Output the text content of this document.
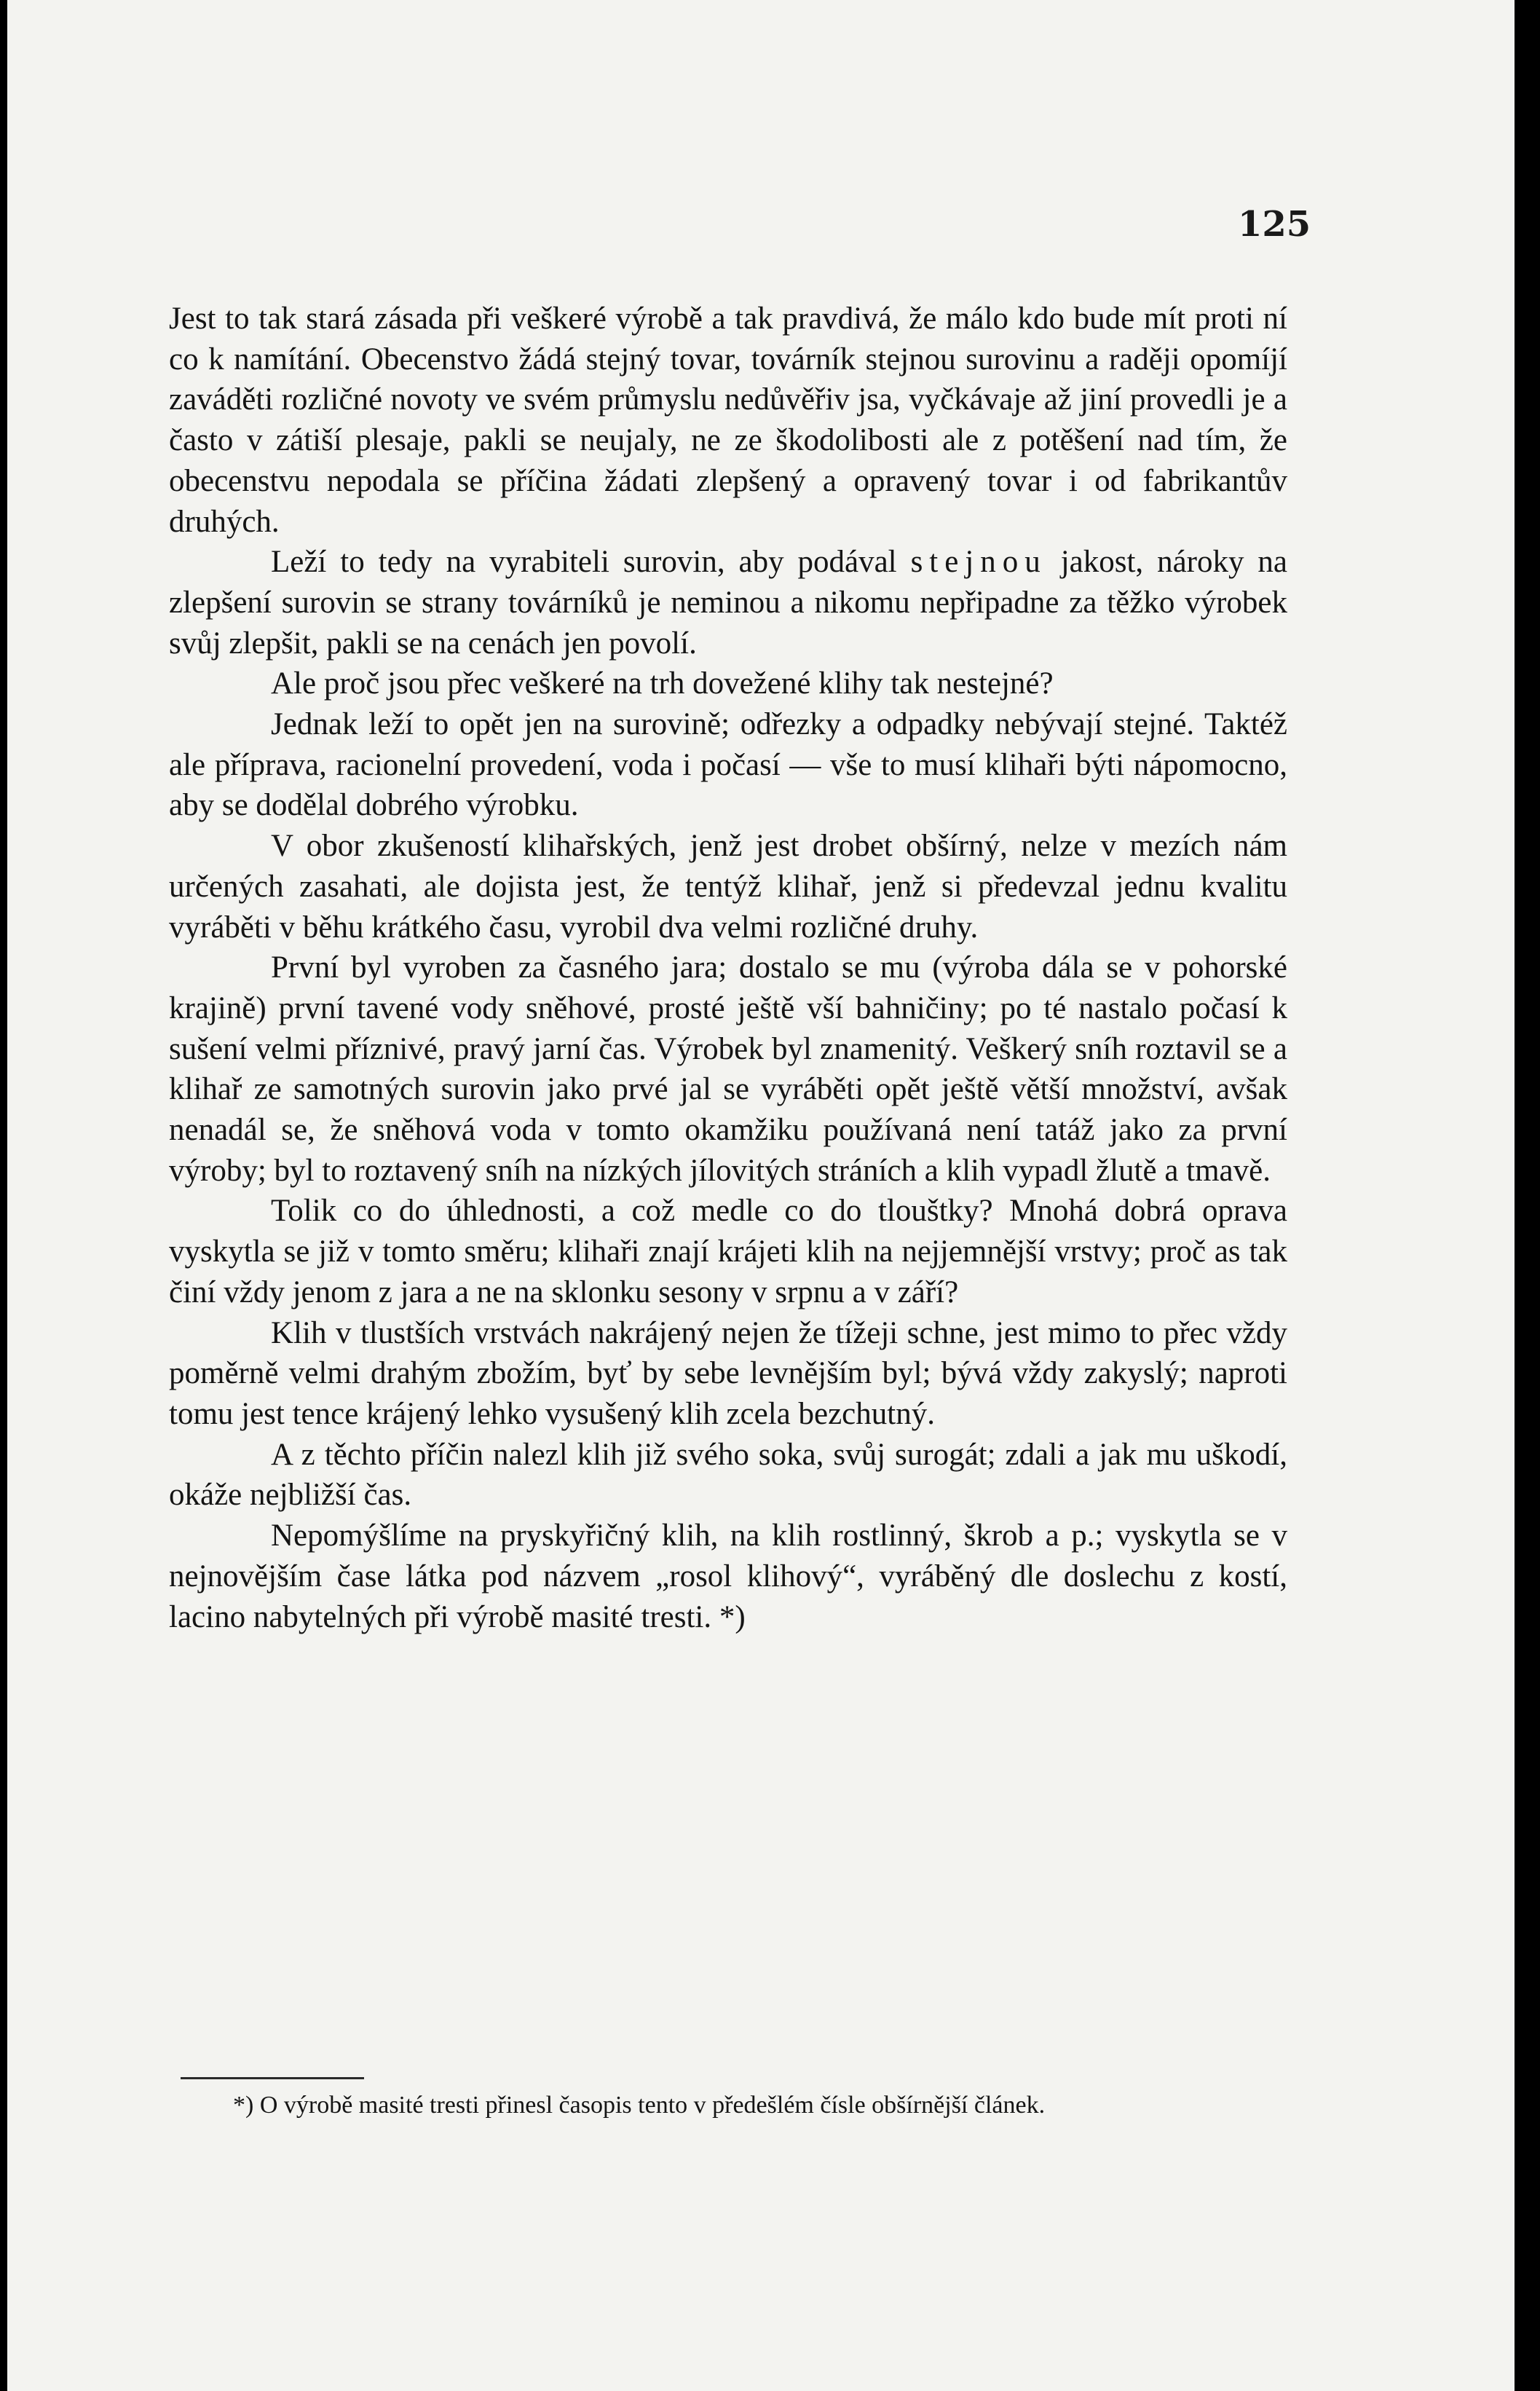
125

Jest to tak stará zásada při veškeré výrobě a tak pravdivá, že málo kdo bude mít proti ní co k namítání. Obecenstvo žádá stejný tovar, továrník stejnou surovinu a raději opomíjí zaváděti rozličné novoty ve svém průmyslu nedůvěřiv jsa, vyčkávaje až jiní provedli je a často v zátiší plesaje, pakli se neujaly, ne ze škodolibosti ale z potěšení nad tím, že obecenstvu nepodala se příčina žádati zlepšený a opravený tovar i od fabrikantův druhých.

Leží to tedy na vyrabiteli surovin, aby podával stejnou jakost, nároky na zlepšení surovin se strany továrníků je neminou a nikomu nepřipadne za těžko výrobek svůj zlepšit, pakli se na cenách jen povolí.

Ale proč jsou přec veškeré na trh dovežené klihy tak nestejné?

Jednak leží to opět jen na surovině; odřezky a odpadky nebývají stejné. Taktéž ale příprava, racionelní provedení, voda i počasí — vše to musí klihaři býti nápomocno, aby se dodělal dobrého výrobku.

V obor zkušeností klihařských, jenž jest drobet obšírný, nelze v mezích nám určených zasahati, ale dojista jest, že tentýž klihař, jenž si předevzal jednu kvalitu vyráběti v běhu krátkého času, vyrobil dva velmi rozličné druhy.

První byl vyroben za časného jara; dostalo se mu (výroba dála se v pohorské krajině) první tavené vody sněhové, prosté ještě vší bahničiny; po té nastalo počasí k sušení velmi příznivé, pravý jarní čas. Výrobek byl znamenitý. Veškerý sníh roztavil se a klihař ze samotných surovin jako prvé jal se vyráběti opět ještě větší množství, avšak nenadál se, že sněhová voda v tomto okamžiku používaná není tatáž jako za první výroby; byl to roztavený sníh na nízkých jílovitých stráních a klih vypadl žlutě a tmavě.

Tolik co do úhlednosti, a což medle co do tlouštky? Mnohá dobrá oprava vyskytla se již v tomto směru; klihaři znají krájeti klih na nejjemnější vrstvy; proč as tak činí vždy jenom z jara a ne na sklonku sesony v srpnu a v září?

Klih v tlustších vrstvách nakrájený nejen že tížeji schne, jest mimo to přec vždy poměrně velmi drahým zbožím, byť by sebe levnějším byl; bývá vždy zakyslý; naproti tomu jest tence krájený lehko vysušený klih zcela bezchutný.

A z těchto příčin nalezl klih již svého soka, svůj surogát; zdali a jak mu uškodí, okáže nejbližší čas.

Nepomýšlíme na pryskyřičný klih, na klih rostlinný, škrob a p.; vyskytla se v nejnovějším čase látka pod názvem „rosol klihový“, vyráběný dle doslechu z kostí, lacino nabytelných při výrobě masité tresti. *)

*) O výrobě masité tresti přinesl časopis tento v předešlém čísle obšírnější článek.
